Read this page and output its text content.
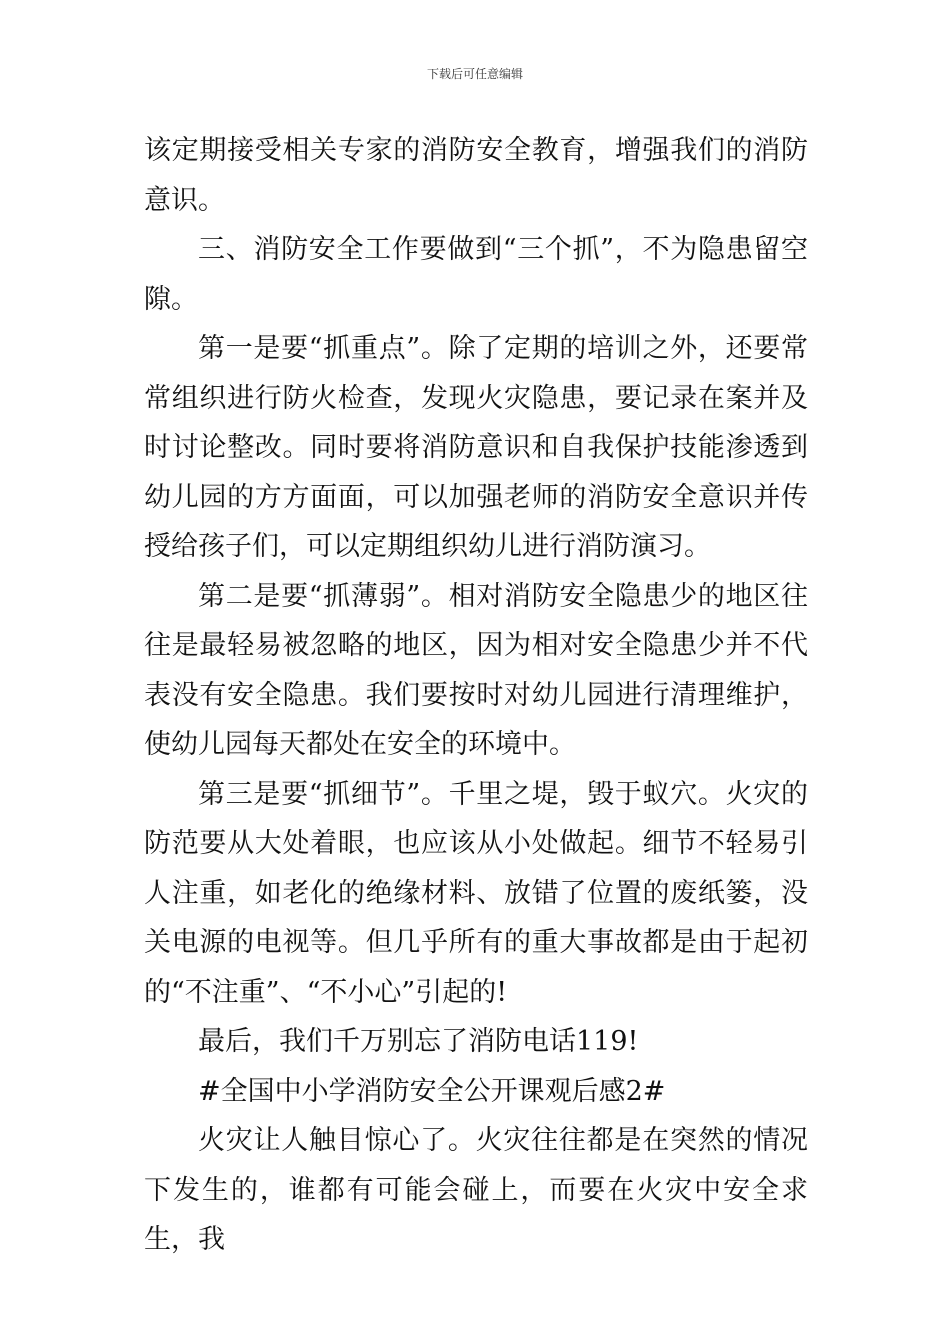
下载后可任意编辑

该定期接受相关专家的消防安全教育，增强我们的消防意识。

三、消防安全工作要做到“三个抓”，不为隐患留空隙。

第一是要“抓重点”。除了定期的培训之外，还要常常组织进行防火检查，发现火灾隐患，要记录在案并及时讨论整改。同时要将消防意识和自我保护技能渗透到幼儿园的方方面面，可以加强老师的消防安全意识并传授给孩子们，可以定期组织幼儿进行消防演习。

第二是要“抓薄弱”。相对消防安全隐患少的地区往往是最轻易被忽略的地区，因为相对安全隐患少并不代表没有安全隐患。我们要按时对幼儿园进行清理维护，使幼儿园每天都处在安全的环境中。

第三是要“抓细节”。千里之堤，毁于蚁穴。火灾的防范要从大处着眼，也应该从小处做起。细节不轻易引人注重，如老化的绝缘材料、放错了位置的废纸篓，没关电源的电视等。但几乎所有的重大事故都是由于起初的“不注重”、“不小心”引起的!

最后，我们千万别忘了消防电话119!

#全国中小学消防安全公开课观后感2#

火灾让人触目惊心了。火灾往往都是在突然的情况下发生的，谁都有可能会碰上，而要在火灾中安全求生，我
